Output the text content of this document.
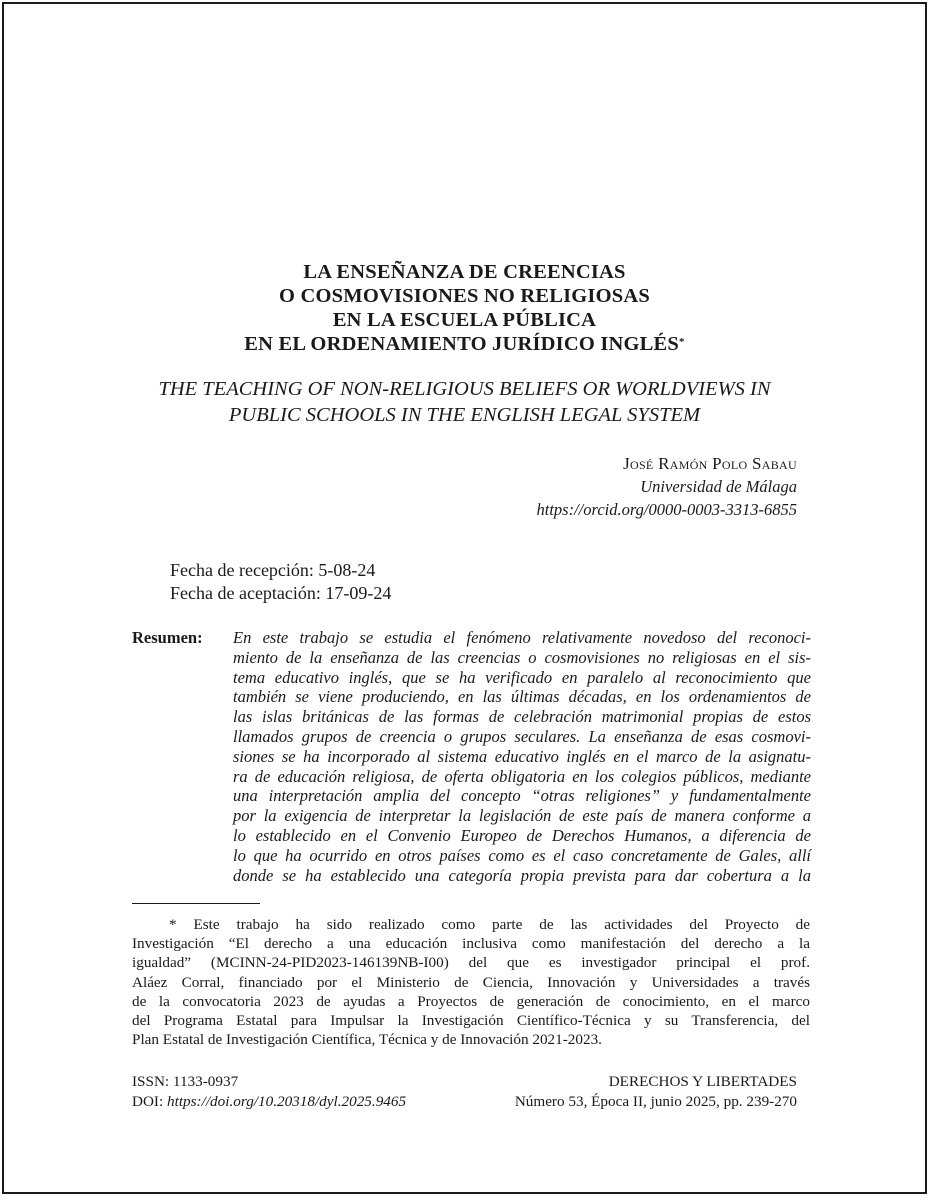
LA ENSEÑANZA DE CREENCIAS
O COSMOVISIONES NO RELIGIOSAS
EN LA ESCUELA PÚBLICA
EN EL ORDENAMIENTO JURÍDICO INGLÉS*
THE TEACHING OF NON-RELIGIOUS BELIEFS OR WORLDVIEWS IN
PUBLIC SCHOOLS IN THE ENGLISH LEGAL SYSTEM
José Ramón Polo Sabau
Universidad de Málaga
https://orcid.org/0000-0003-3313-6855
Fecha de recepción: 5-08-24
Fecha de aceptación: 17-09-24
Resumen: En este trabajo se estudia el fenómeno relativamente novedoso del reconoci-
miento de la enseñanza de las creencias o cosmovisiones no religiosas en el sis-
tema educativo inglés, que se ha verificado en paralelo al reconocimiento que
también se viene produciendo, en las últimas décadas, en los ordenamientos de
las islas británicas de las formas de celebración matrimonial propias de estos
llamados grupos de creencia o grupos seculares. La enseñanza de esas cosmovi-
siones se ha incorporado al sistema educativo inglés en el marco de la asignatu-
ra de educación religiosa, de oferta obligatoria en los colegios públicos, mediante
una interpretación amplia del concepto “otras religiones” y fundamentalmente
por la exigencia de interpretar la legislación de este país de manera conforme a
lo establecido en el Convenio Europeo de Derechos Humanos, a diferencia de
lo que ha ocurrido en otros países como es el caso concretamente de Gales, allí
donde se ha establecido una categoría propia prevista para dar cobertura a la
* Este trabajo ha sido realizado como parte de las actividades del Proyecto de
Investigación “El derecho a una educación inclusiva como manifestación del derecho a la
igualdad” (MCINN-24-PID2023-146139NB-I00) del que es investigador principal el prof.
Aláez Corral, financiado por el Ministerio de Ciencia, Innovación y Universidades a través
de la convocatoria 2023 de ayudas a Proyectos de generación de conocimiento, en el marco
del Programa Estatal para Impulsar la Investigación Científico-Técnica y su Transferencia, del
Plan Estatal de Investigación Científica, Técnica y de Innovación 2021-2023.
ISSN: 1133-0937
DOI: https://doi.org/10.20318/dyl.2025.9465
DERECHOS Y LIBERTADES
Número 53, Época II, junio 2025, pp. 239-270
